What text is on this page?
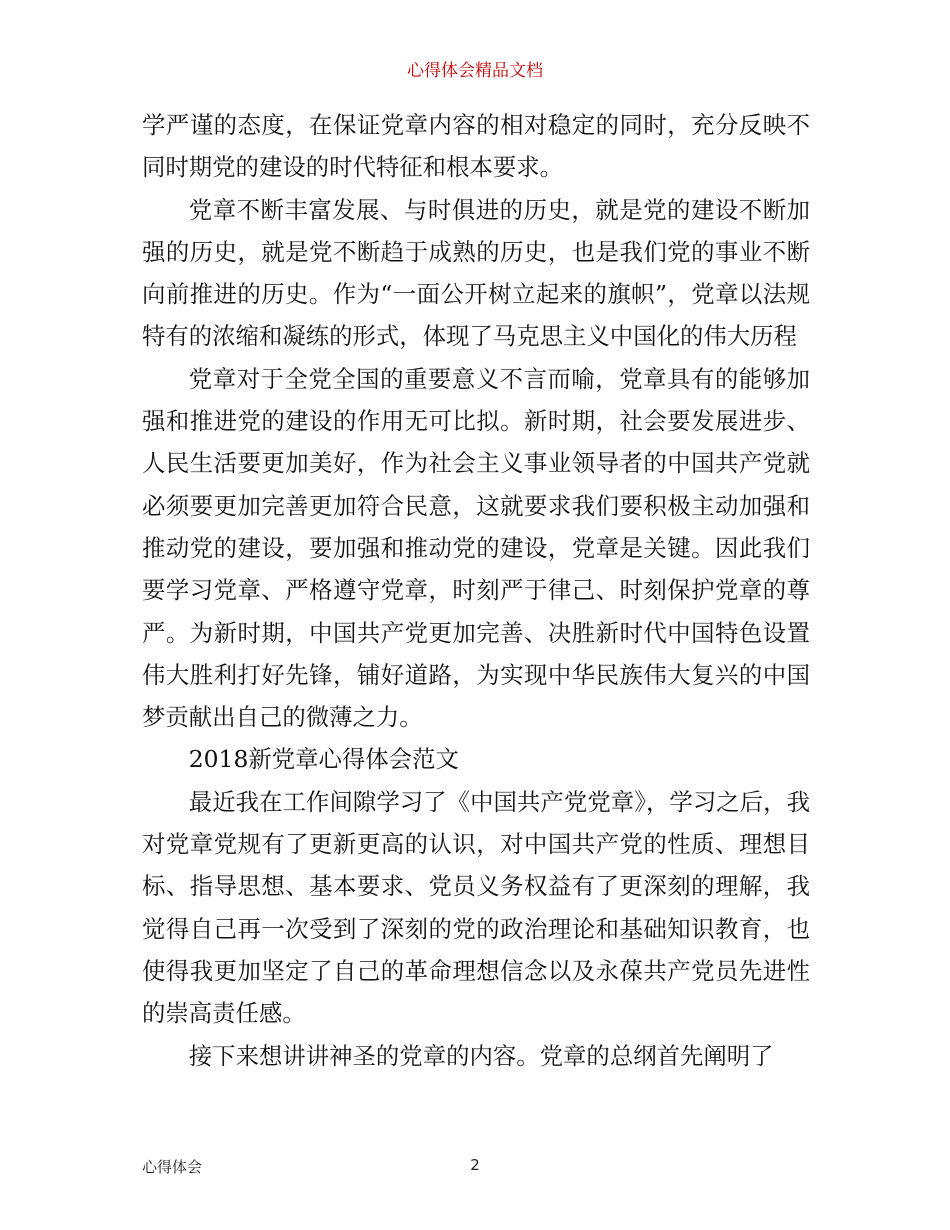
心得体会精品文档

学严谨的态度，在保证党章内容的相对稳定的同时，充分反映不同时期党的建设的时代特征和根本要求。

党章不断丰富发展、与时俱进的历史，就是党的建设不断加强的历史，就是党不断趋于成熟的历史，也是我们党的事业不断向前推进的历史。作为“一面公开树立起来的旗帜”，党章以法规特有的浓缩和凝练的形式，体现了马克思主义中国化的伟大历程

党章对于全党全国的重要意义不言而喻，党章具有的能够加强和推进党的建设的作用无可比拟。新时期，社会要发展进步、人民生活要更加美好，作为社会主义事业领导者的中国共产党就必须要更加完善更加符合民意，这就要求我们要积极主动加强和推动党的建设，要加强和推动党的建设，党章是关键。因此我们要学习党章、严格遵守党章，时刻严于律己、时刻保护党章的尊严。为新时期，中国共产党更加完善、决胜新时代中国特色设置伟大胜利打好先锋，铺好道路，为实现中华民族伟大复兴的中国梦贡献出自己的微薄之力。

2018新党章心得体会范文

最近我在工作间隙学习了《中国共产党党章》，学习之后，我对党章党规有了更新更高的认识，对中国共产党的性质、理想目标、指导思想、基本要求、党员义务权益有了更深刻的理解，我觉得自己再一次受到了深刻的党的政治理论和基础知识教育，也使得我更加坚定了自己的革命理想信念以及永葆共产党员先进性的崇高责任感。

接下来想讲讲神圣的党章的内容。党章的总纲首先阐明了

心得体会	2
